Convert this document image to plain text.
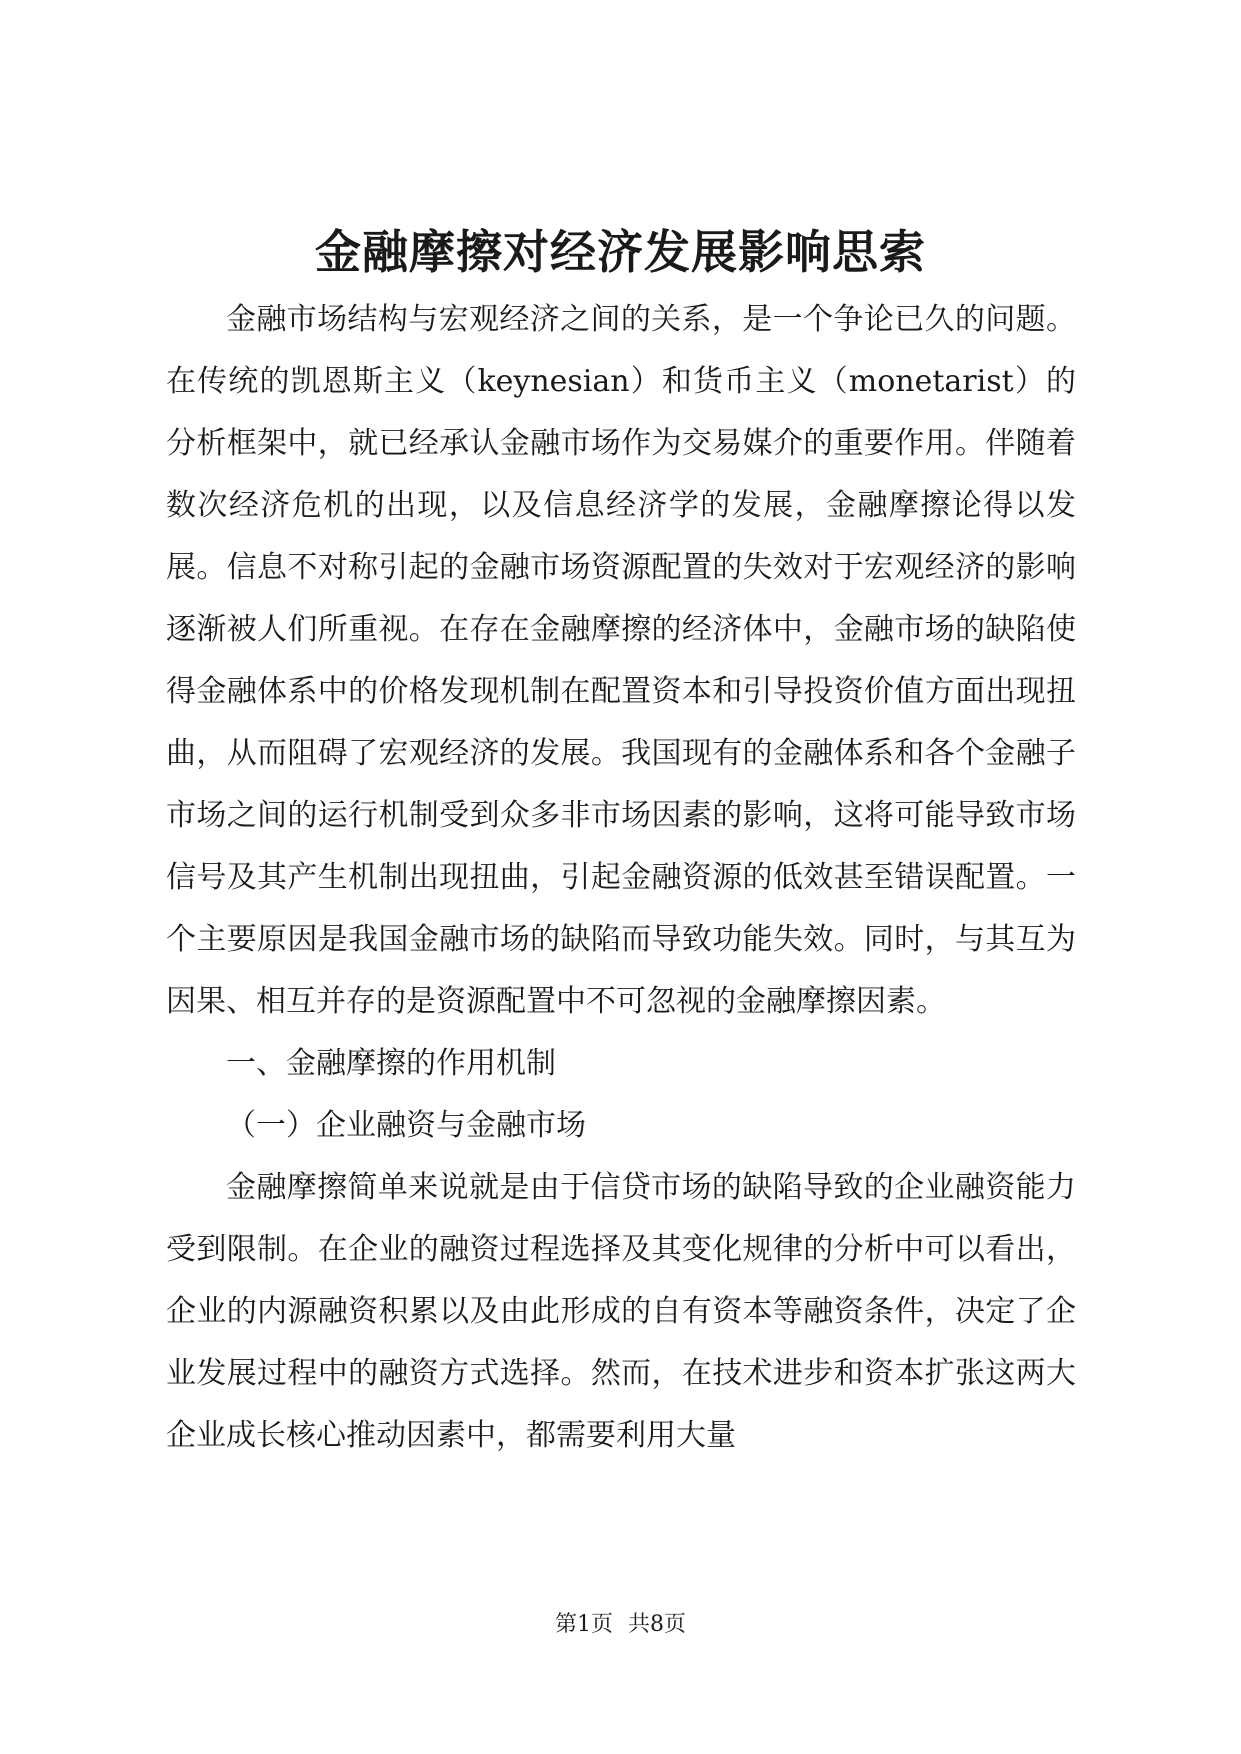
金融摩擦对经济发展影响思索

金融市场结构与宏观经济之间的关系，是一个争论已久的问题。在传统的凯恩斯主义（keynesian）和货币主义（monetarist）的分析框架中，就已经承认金融市场作为交易媒介的重要作用。伴随着数次经济危机的出现，以及信息经济学的发展，金融摩擦论得以发展。信息不对称引起的金融市场资源配置的失效对于宏观经济的影响逐渐被人们所重视。在存在金融摩擦的经济体中，金融市场的缺陷使得金融体系中的价格发现机制在配置资本和引导投资价值方面出现扭曲，从而阻碍了宏观经济的发展。我国现有的金融体系和各个金融子市场之间的运行机制受到众多非市场因素的影响，这将可能导致市场信号及其产生机制出现扭曲，引起金融资源的低效甚至错误配置。一个主要原因是我国金融市场的缺陷而导致功能失效。同时，与其互为因果、相互并存的是资源配置中不可忽视的金融摩擦因素。

一、金融摩擦的作用机制

（一）企业融资与金融市场

金融摩擦简单来说就是由于信贷市场的缺陷导致的企业融资能力受到限制。在企业的融资过程选择及其变化规律的分析中可以看出，企业的内源融资积累以及由此形成的自有资本等融资条件，决定了企业发展过程中的融资方式选择。然而，在技术进步和资本扩张这两大企业成长核心推动因素中，都需要利用大量

第1页 共8页
